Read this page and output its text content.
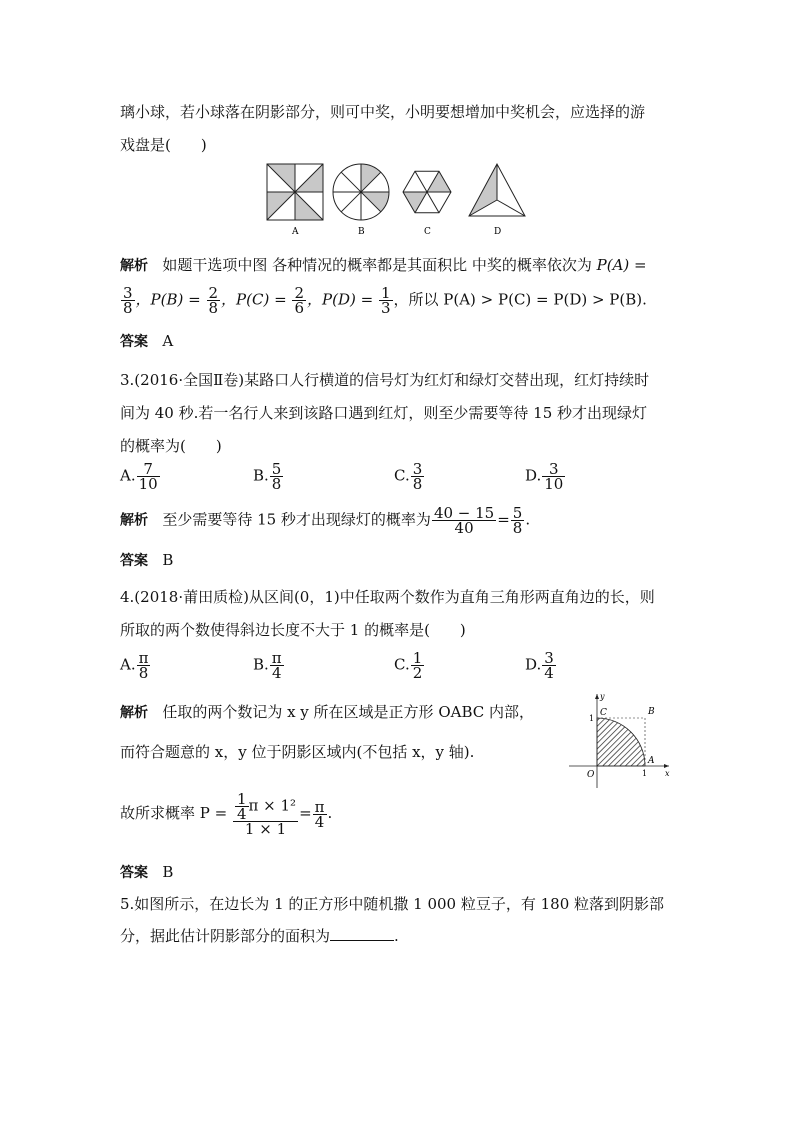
璃小球，若小球落在阴影部分，则可中奖，小明要想增加中奖机会，应选择的游
戏盘是(　　)
A	B	C	D
解析 如题干选项中图 各种情况的概率都是其面积比 中奖的概率依次为 P(A) =
$\frac{3}{8}$ ，$P(B) = \frac{2}{8}$ ，$P(C) = \frac{2}{6}$ ，$P(D) = \frac{1}{3}$ ，所以 P(A) > P(C) = P(D) > P(B).
答案 A
3.(2016·全国Ⅱ卷)某路口人行横道的信号灯为红灯和绿灯交替出现，红灯持续时
间为 40 秒.若一名行人来到该路口遇到红灯，则至少需要等待 15 秒才出现绿灯
的概率为(　　)
A. $\frac{7}{10}$	B. $\frac{5}{8}$	C. $\frac{3}{8}$	D. $\frac{3}{10}$
解析 至少需要等待 15 秒才出现绿灯的概率为 $\frac{40 - 15}{40} = \frac{5}{8}$ .
答案 B
4.(2018·莆田质检)从区间(0，1)中任取两个数作为直角三角形两直角边的长，则
所取的两个数使得斜边长度不大于 1 的概率是(　　)
A. $\frac{\pi}{8}$	B. $\frac{\pi}{4}$	C. $\frac{1}{2}$	D. $\frac{3}{4}$
解析 任取的两个数记为 x y 所在区域是正方形 OABC 内部，
而符合题意的 x，y 位于阴影区域内(不包括 x，y 轴).
故所求概率 $P = \frac{\frac{1}{4} \pi \times 1^2}{1 \times 1} = \frac{\pi}{4}$ .
y
x
C	B
A
O
1
1
答案 B
5.如图所示，在边长为 1 的正方形中随机撒 1 000 粒豆子，有 180 粒落到阴影部
分，据此估计阴影部分的面积为	.
